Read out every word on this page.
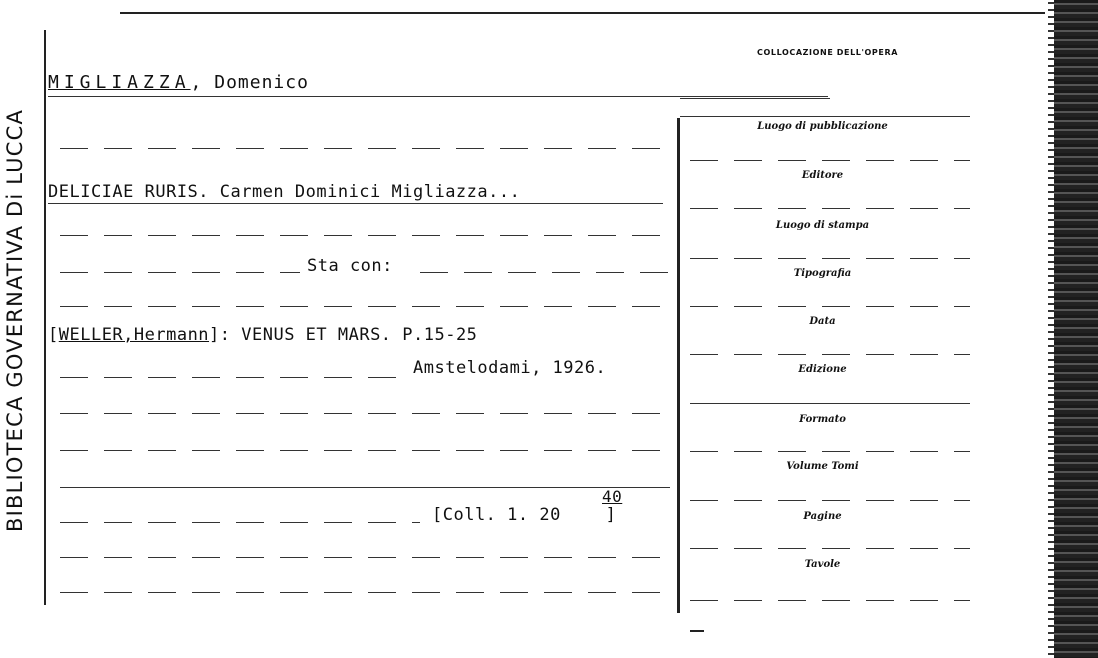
BIBLIOTECA GOVERNATIVA Di LUCCA
MIGLIAZZA, Domenico
DELICIAE RURIS. Carmen Dominici Migliazza...
Sta con:
[WELLER,Hermann]: VENUS ET MARS. P.15-25
Amstelodami, 1926.
[Coll. 1. 20
40
]
COLLOCAZIONE DELL'OPERA
Luogo di pubblicazione
Editore
Luogo di stampa
Tipografia
Data
Edizione
Formato
Volume Tomi
Pagine
Tavole
